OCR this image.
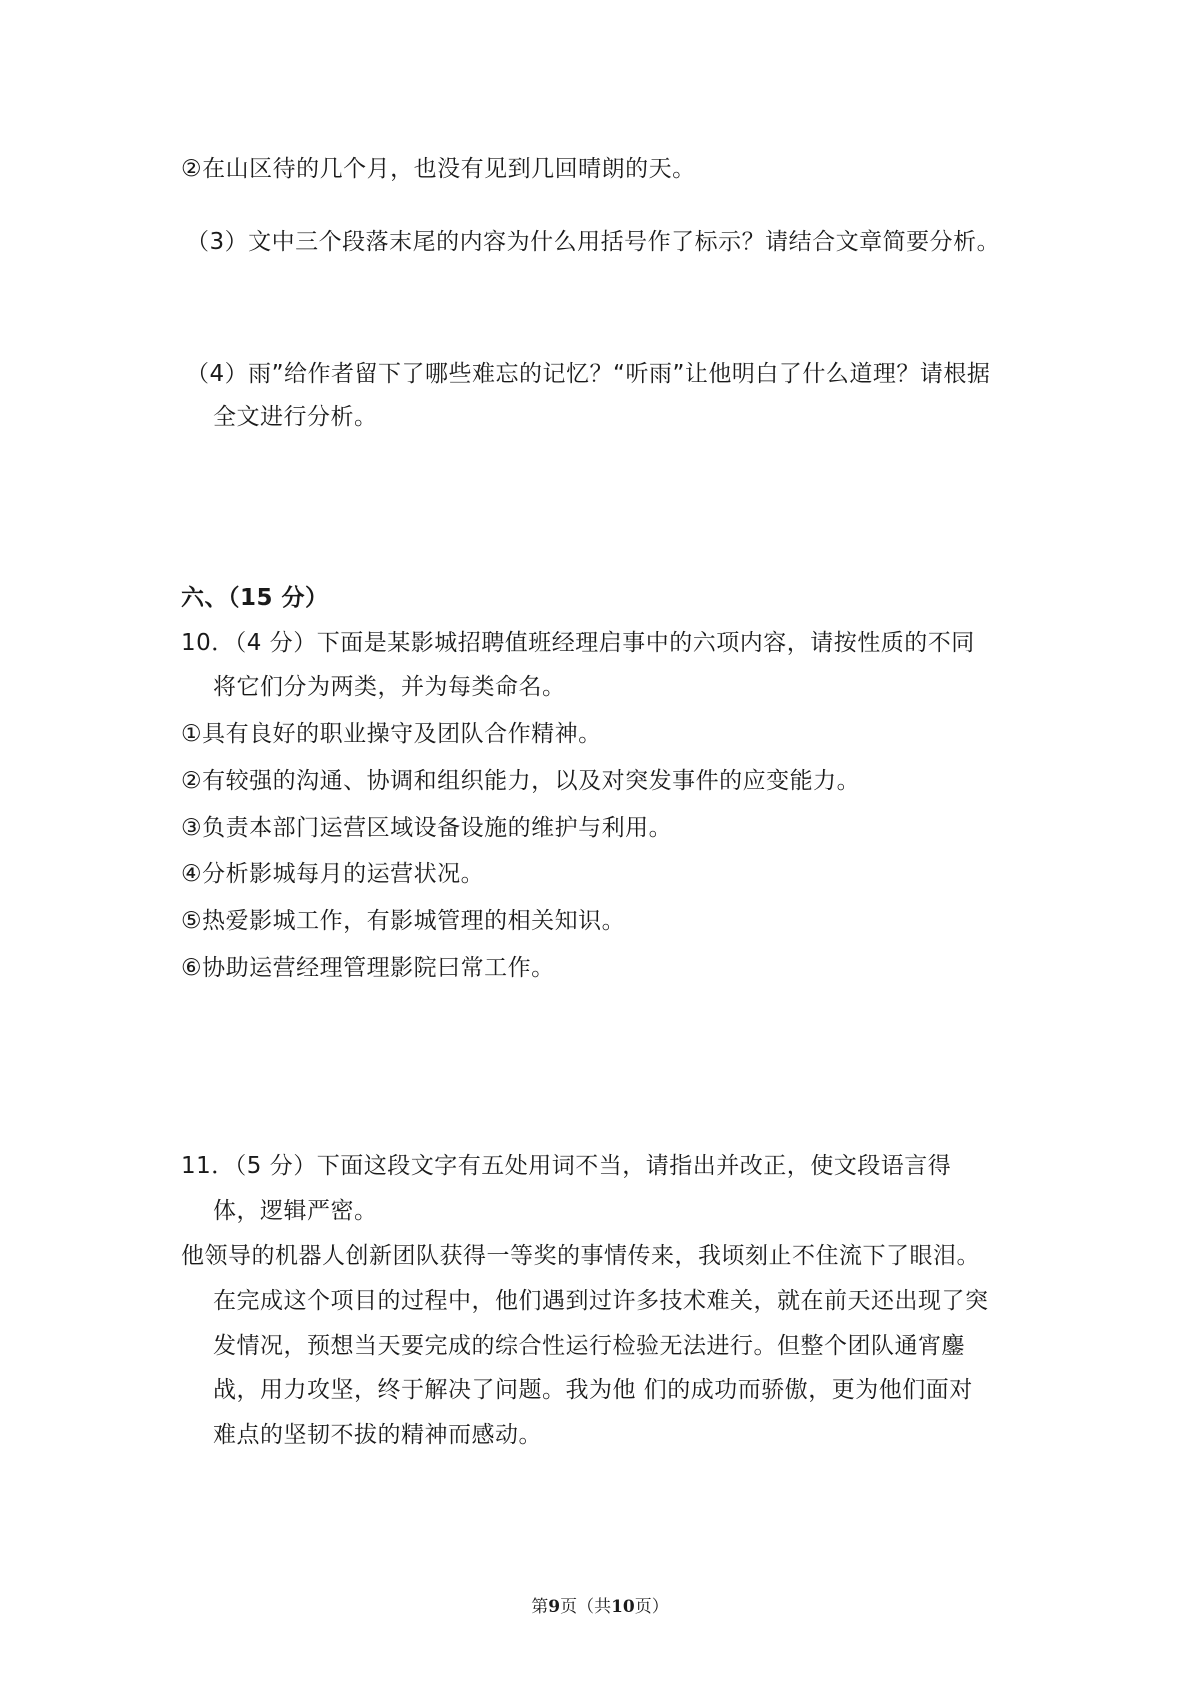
②在山区待的几个月，也没有见到几回晴朗的天。
（3）文中三个段落末尾的内容为什么用括号作了标示？请结合文章简要分析。
（4）雨”给作者留下了哪些难忘的记忆？“听雨”让他明白了什么道理？请根据
全文进行分析。
六、（15 分）
10．（4 分）下面是某影城招聘值班经理启事中的六项内容，请按性质的不同
将它们分为两类，并为每类命名。
①具有良好的职业操守及团队合作精神。
②有较强的沟通、协调和组织能力，以及对突发事件的应变能力。
③负责本部门运营区域设备设施的维护与利用。
④分析影城每月的运营状况。
⑤热爱影城工作，有影城管理的相关知识。
⑥协助运营经理管理影院曰常工作。
11．（5 分）下面这段文字有五处用词不当，请指出并改正，使文段语言得
体，逻辑严密。
他领导的机器人创新团队获得一等奖的事情传来，我顷刻止不住流下了眼泪。
在完成这个项目的过程中，他们遇到过许多技术难关，就在前天还出现了突
发情况，预想当天要完成的综合性运行检验无法进行。但整个团队通宵鏖
战，用力攻坚，终于解决了问题。我为他 们的成功而骄傲，更为他们面对
难点的坚韧不拔的精神而感动。
第9页（共10页）
